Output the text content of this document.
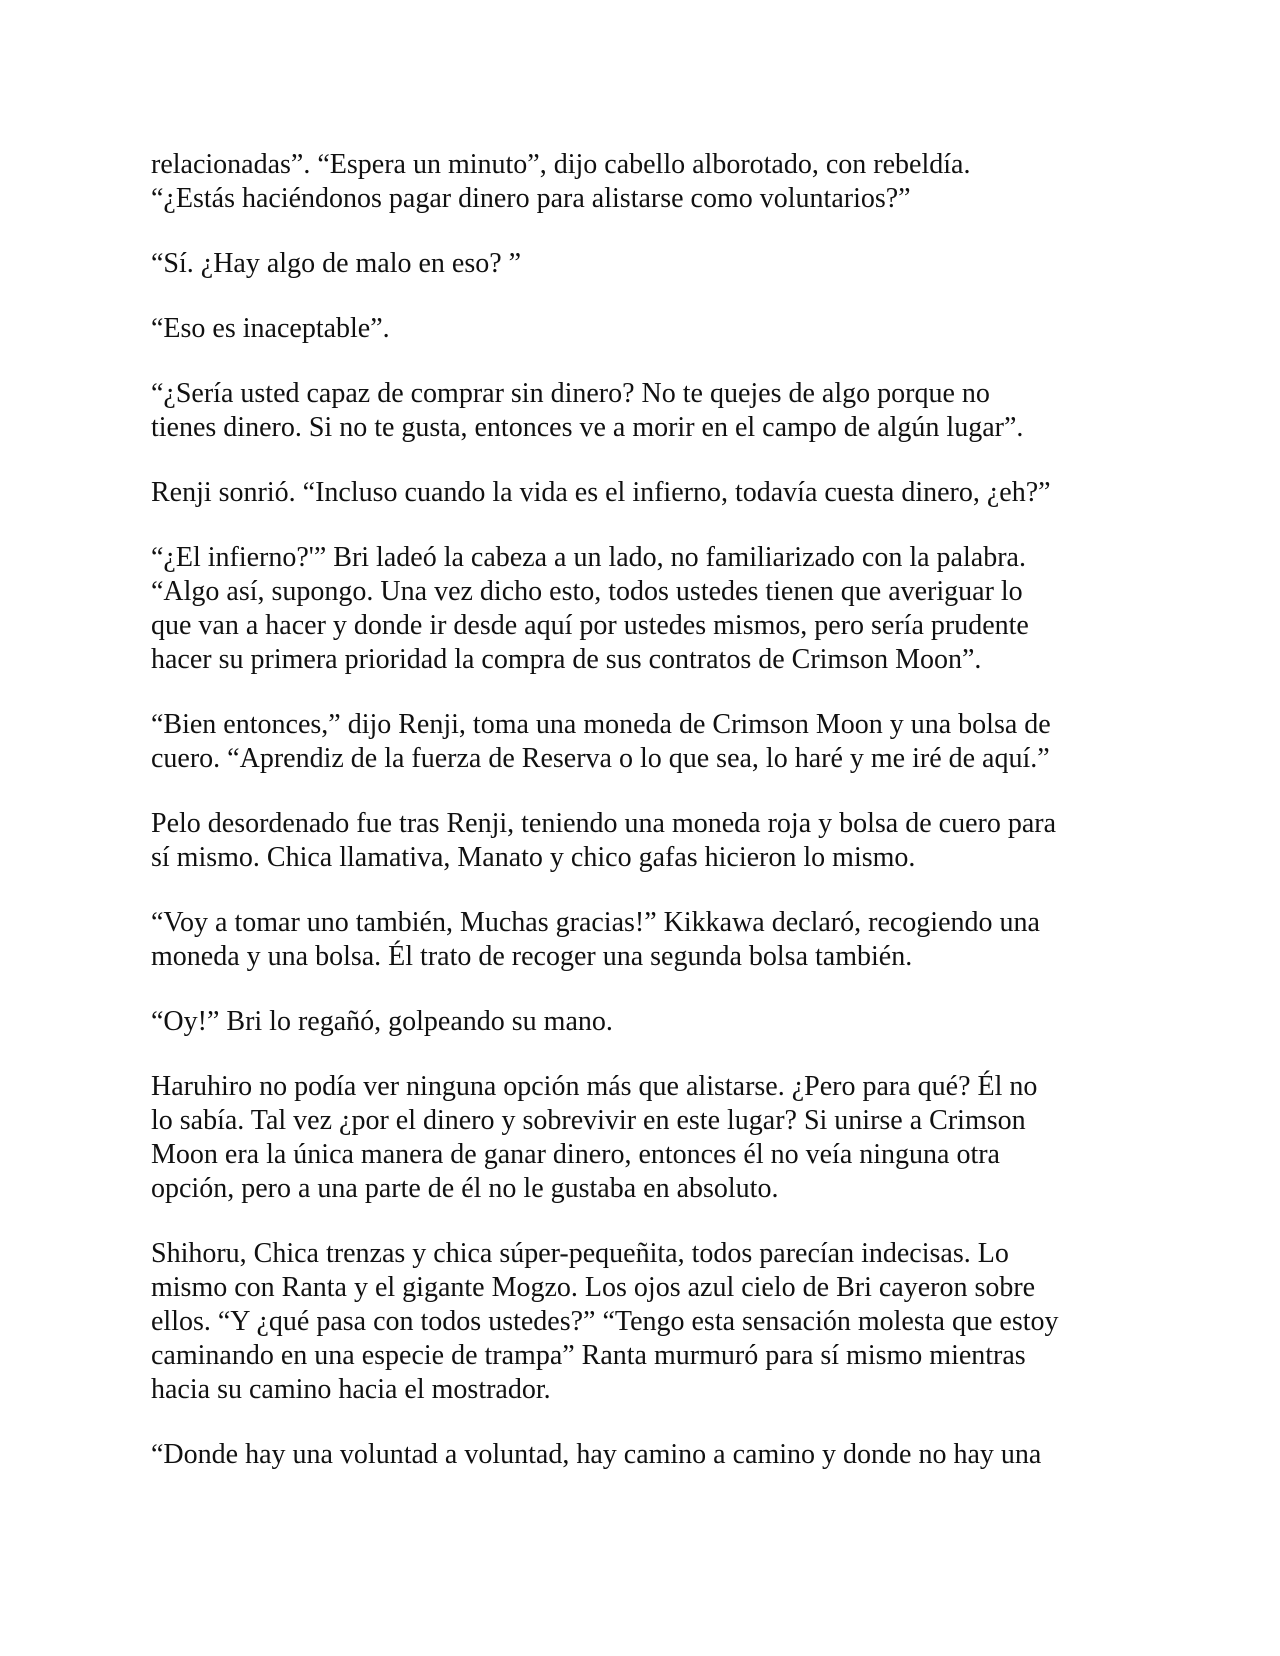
relacionadas”. “Espera un minuto”, dijo cabello alborotado, con rebeldía.
“¿Estás haciéndonos pagar dinero para alistarse como voluntarios?”

“Sí. ¿Hay algo de malo en eso? ”

“Eso es inaceptable”.

“¿Sería usted capaz de comprar sin dinero? No te quejes de algo porque no
tienes dinero. Si no te gusta, entonces ve a morir en el campo de algún lugar”.

Renji sonrió. “Incluso cuando la vida es el infierno, todavía cuesta dinero, ¿eh?”

“¿El infierno?'” Bri ladeó la cabeza a un lado, no familiarizado con la palabra.
“Algo así, supongo. Una vez dicho esto, todos ustedes tienen que averiguar lo
que van a hacer y donde ir desde aquí por ustedes mismos, pero sería prudente
hacer su primera prioridad la compra de sus contratos de Crimson Moon”.

“Bien entonces,” dijo Renji, toma una moneda de Crimson Moon y una bolsa de
cuero. “Aprendiz de la fuerza de Reserva o lo que sea, lo haré y me iré de aquí.”

Pelo desordenado fue tras Renji, teniendo una moneda roja y bolsa de cuero para
sí mismo. Chica llamativa, Manato y chico gafas hicieron lo mismo.

“Voy a tomar uno también, Muchas gracias!” Kikkawa declaró, recogiendo una
moneda y una bolsa. Él trato de recoger una segunda bolsa también.

“Oy!” Bri lo regañó, golpeando su mano.

Haruhiro no podía ver ninguna opción más que alistarse. ¿Pero para qué? Él no
lo sabía. Tal vez ¿por el dinero y sobrevivir en este lugar? Si unirse a Crimson
Moon era la única manera de ganar dinero, entonces él no veía ninguna otra
opción, pero a una parte de él no le gustaba en absoluto.

Shihoru, Chica trenzas y chica súper-pequeñita, todos parecían indecisas. Lo
mismo con Ranta y el gigante Mogzo. Los ojos azul cielo de Bri cayeron sobre
ellos. “Y ¿qué pasa con todos ustedes?” “Tengo esta sensación molesta que estoy
caminando en una especie de trampa” Ranta murmuró para sí mismo mientras
hacia su camino hacia el mostrador.

“Donde hay una voluntad a voluntad, hay camino a camino y donde no hay una
